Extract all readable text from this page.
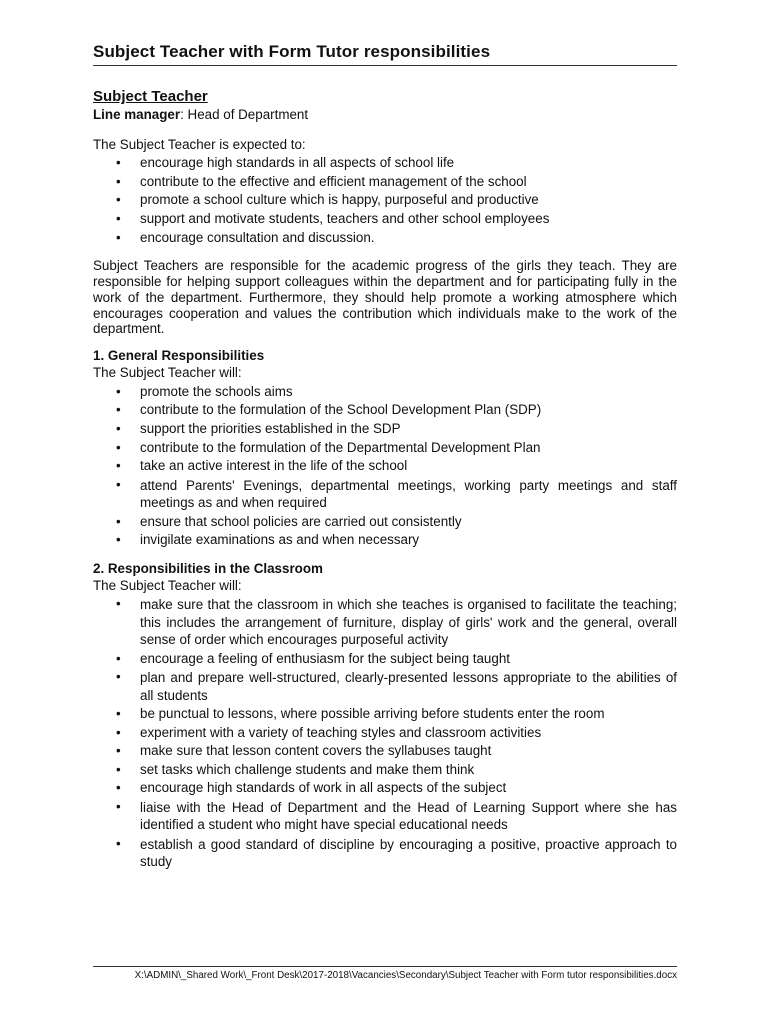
Subject Teacher with Form Tutor responsibilities

Subject Teacher

Line manager: Head of Department

The Subject Teacher is expected to:

• encourage high standards in all aspects of school life
• contribute to the effective and efficient management of the school
• promote a school culture which is happy, purposeful and productive
• support and motivate students, teachers and other school employees
• encourage consultation and discussion.

Subject Teachers are responsible for the academic progress of the girls they teach. They are responsible for helping support colleagues within the department and for participating fully in the work of the department. Furthermore, they should help promote a working atmosphere which encourages cooperation and values the contribution which individuals make to the work of the department.

1. General Responsibilities

The Subject Teacher will:

• promote the schools aims
• contribute to the formulation of the School Development Plan (SDP)
• support the priorities established in the SDP
• contribute to the formulation of the Departmental Development Plan
• take an active interest in the life of the school
• attend Parents' Evenings, departmental meetings, working party meetings and staff meetings as and when required
• ensure that school policies are carried out consistently
• invigilate examinations as and when necessary

2. Responsibilities in the Classroom

The Subject Teacher will:

• make sure that the classroom in which she teaches is organised to facilitate the teaching; this includes the arrangement of furniture, display of girls' work and the general, overall sense of order which encourages purposeful activity
• encourage a feeling of enthusiasm for the subject being taught
• plan and prepare well-structured, clearly-presented lessons appropriate to the abilities of all students
• be punctual to lessons, where possible arriving before students enter the room
• experiment with a variety of teaching styles and classroom activities
• make sure that lesson content covers the syllabuses taught
• set tasks which challenge students and make them think
• encourage high standards of work in all aspects of the subject
• liaise with the Head of Department and the Head of Learning Support where she has identified a student who might have special educational needs
• establish a good standard of discipline by encouraging a positive, proactive approach to study
X:\ADMIN\_Shared Work\_Front Desk\2017-2018\Vacancies\Secondary\Subject Teacher with Form tutor responsibilities.docx
